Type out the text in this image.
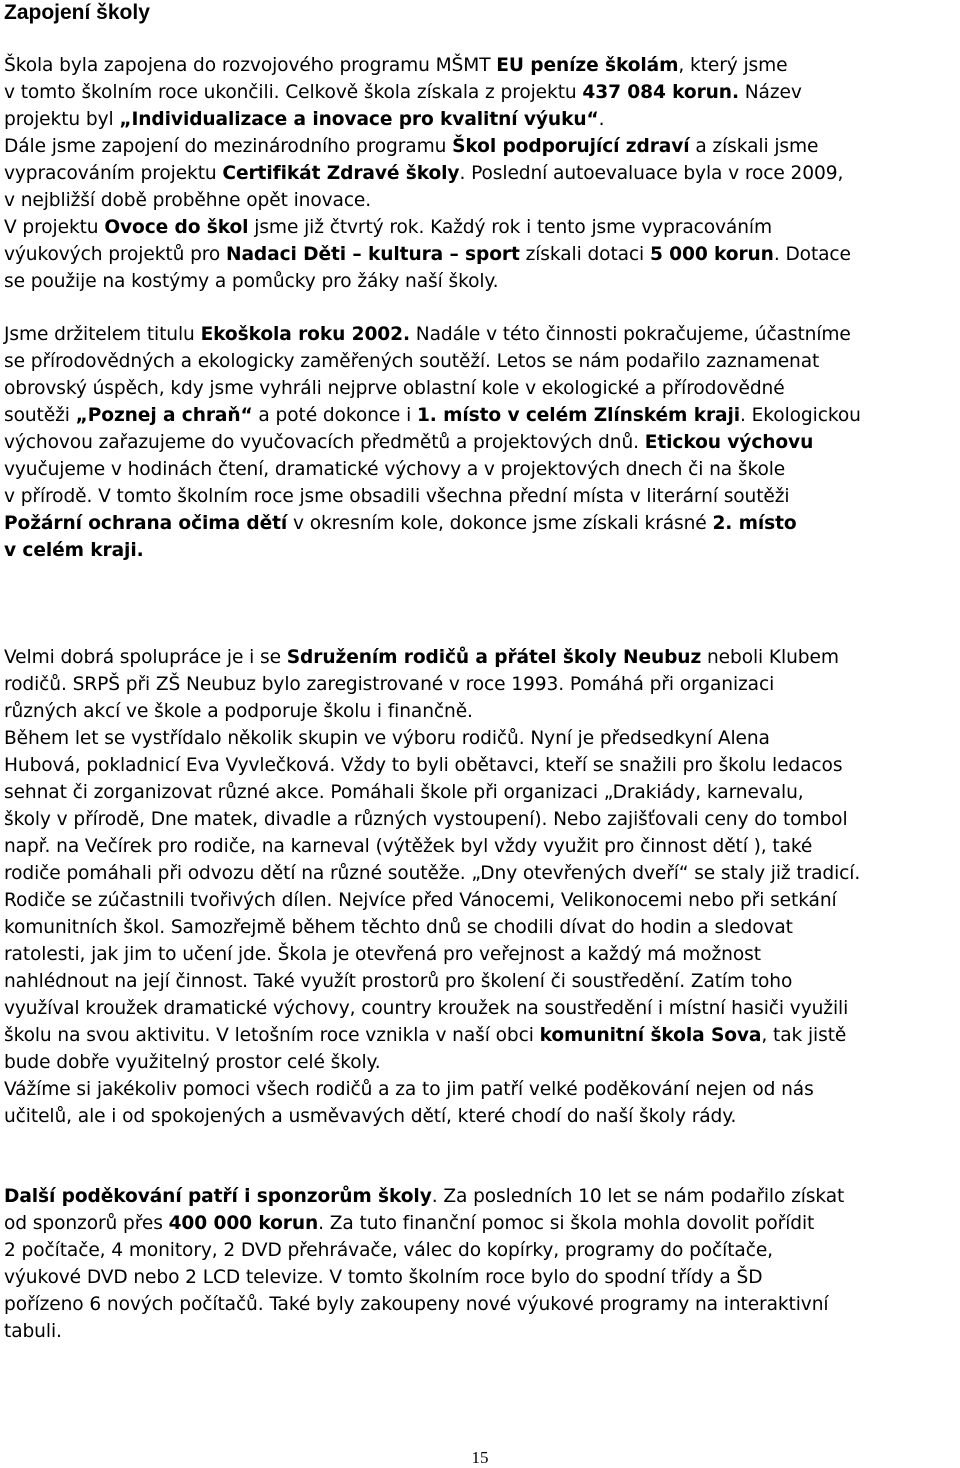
Zapojení školy
Škola byla zapojena do rozvojového programu MŠMT EU peníze školám, který jsme
v tomto školním roce ukončili. Celkově škola získala z projektu 437 084 korun. Název
projektu byl „Individualizace a inovace pro kvalitní výuku“.
Dále jsme zapojení do mezinárodního programu Škol podporující zdraví a získali jsme
vypracováním projektu Certifikát Zdravé školy. Poslední autoevaluace byla v roce 2009,
v nejbližší době proběhne opět inovace.
V projektu Ovoce do škol jsme již čtvrtý rok. Každý rok i tento jsme vypracováním
výukových projektů pro Nadaci Děti – kultura – sport získali dotaci 5 000 korun. Dotace
se použije na kostýmy a pomůcky pro žáky naší školy.
Jsme držitelem titulu Ekoškola roku 2002. Nadále v této činnosti pokračujeme, účastníme
se přírodovědných a ekologicky zaměřených soutěží. Letos se nám podařilo zaznamenat
obrovský úspěch, kdy jsme vyhráli nejprve oblastní kole v ekologické a přírodovědné
soutěži „Poznej a chraň“ a poté dokonce i 1. místo v celém Zlínském kraji. Ekologickou
výchovou zařazujeme do vyučovacích předmětů a projektových dnů. Etickou výchovu
vyučujeme v hodinách čtení, dramatické výchovy a v projektových dnech či na škole
v přírodě. V tomto školním roce jsme obsadili všechna přední místa v literární soutěži
Požární ochrana očima dětí v okresním kole, dokonce jsme získali krásné 2. místo
v celém kraji.
Velmi dobrá spolupráce je i se Sdružením rodičů a přátel školy Neubuz neboli Klubem
rodičů. SRPŠ při ZŠ Neubuz bylo zaregistrované v roce 1993. Pomáhá při organizaci
různých akcí ve škole a podporuje školu i finančně.
Během let se vystřídalo několik skupin ve výboru rodičů. Nyní je předsedkyní Alena
Hubová, pokladnicí Eva Vyvlečková. Vždy to byli obětavci, kteří se snažili pro školu ledacos
sehnat či zorganizovat různé akce. Pomáhali škole při organizaci „Drakiády, karnevalu,
školy v přírodě, Dne matek, divadle a různých vystoupení). Nebo zajišťovali ceny do tombol
např. na Večírek pro rodiče, na karneval (výtěžek byl vždy využit pro činnost dětí ), také
rodiče pomáhali při odvozu dětí na různé soutěže. „Dny otevřených dveří“ se staly již tradicí.
Rodiče se zúčastnili tvořivých dílen. Nejvíce před Vánocemi, Velikonocemi nebo při setkání
komunitních škol. Samozřejmě během těchto dnů se chodili dívat do hodin a sledovat
ratolesti, jak jim to učení jde. Škola je otevřená pro veřejnost a každý má možnost
nahlédnout na její činnost. Také využít prostorů pro školení či soustředění. Zatím toho
využíval kroužek dramatické výchovy, country kroužek na soustředění i místní hasiči využili
školu na svou aktivitu. V letošním roce vznikla v naší obci komunitní škola Sova, tak jistě
bude dobře využitelný prostor celé školy.
Vážíme si jakékoliv pomoci všech rodičů a za to jim patří velké poděkování nejen od nás
učitelů, ale i od spokojených a usměvavých dětí, které chodí do naší školy rády.
Další poděkování patří i sponzorům školy. Za posledních 10 let se nám podařilo získat
od sponzorů přes 400 000 korun. Za tuto finanční pomoc si škola mohla dovolit pořídit
2 počítače, 4 monitory, 2 DVD přehrávače, válec do kopírky, programy do počítače,
výukové DVD nebo 2 LCD televize. V tomto školním roce bylo do spodní třídy a ŠD
pořízeno 6 nových počítačů. Také byly zakoupeny nové výukové programy na interaktivní
tabuli.
15
